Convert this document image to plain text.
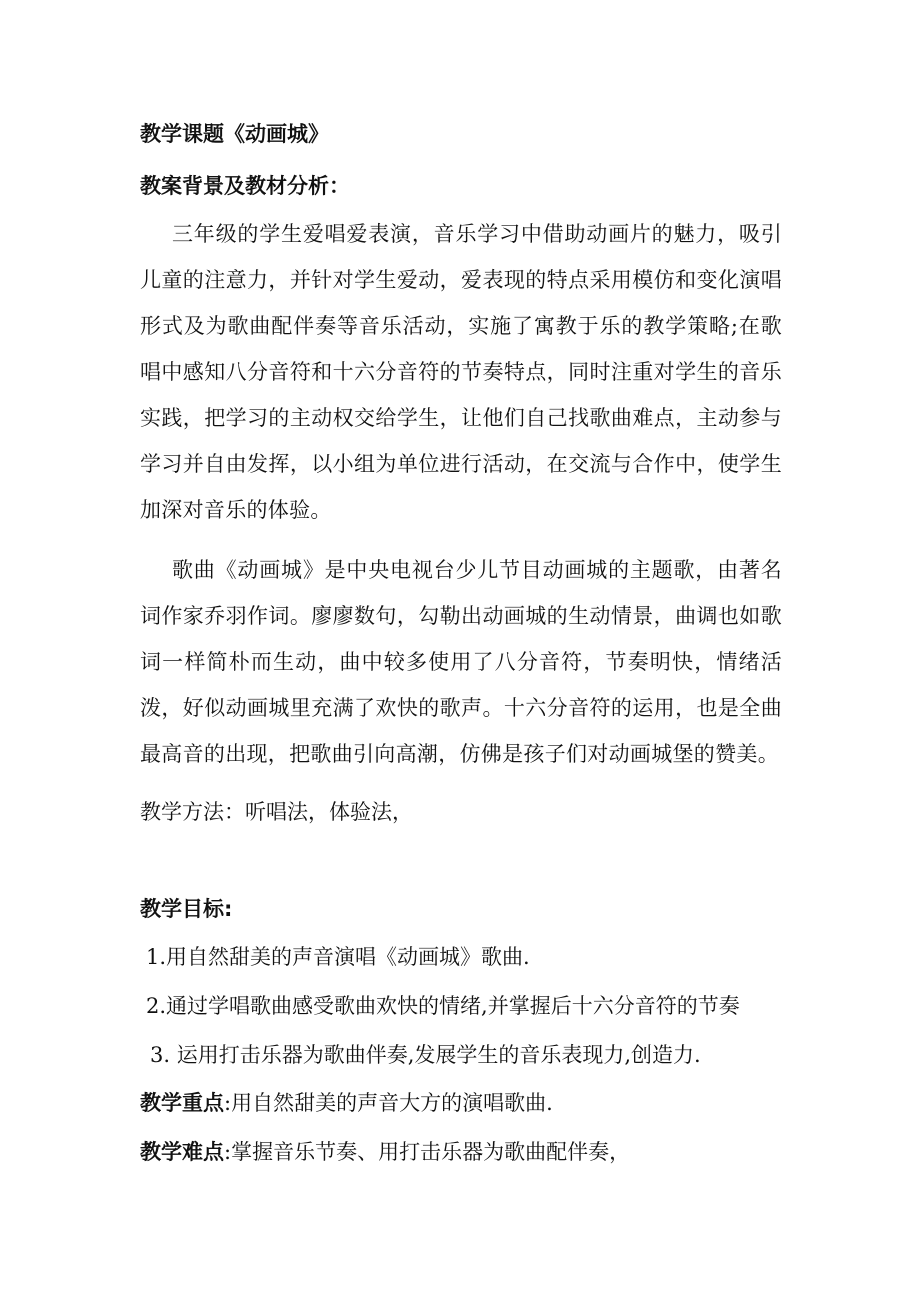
教学课题《动画城》
教案背景及教材分析：
三年级的学生爱唱爱表演，音乐学习中借助动画片的魅力，吸引儿童的注意力，并针对学生爱动，爱表现的特点采用模仿和变化演唱形式及为歌曲配伴奏等音乐活动，实施了寓教于乐的教学策略;在歌唱中感知八分音符和十六分音符的节奏特点，同时注重对学生的音乐实践，把学习的主动权交给学生，让他们自己找歌曲难点，主动参与学习并自由发挥，以小组为单位进行活动，在交流与合作中，使学生加深对音乐的体验。
歌曲《动画城》是中央电视台少儿节目动画城的主题歌，由著名词作家乔羽作词。廖廖数句，勾勒出动画城的生动情景，曲调也如歌词一样简朴而生动，曲中较多使用了八分音符，节奏明快，情绪活泼，好似动画城里充满了欢快的歌声。十六分音符的运用，也是全曲最高音的出现，把歌曲引向高潮，仿佛是孩子们对动画城堡的赞美。
教学方法：听唱法，体验法，
教学目标:
1.用自然甜美的声音演唱《动画城》歌曲.
2.通过学唱歌曲感受歌曲欢快的情绪,并掌握后十六分音符的节奏
3. 运用打击乐器为歌曲伴奏,发展学生的音乐表现力,创造力.
教学重点:用自然甜美的声音大方的演唱歌曲.
教学难点:掌握音乐节奏、用打击乐器为歌曲配伴奏，
